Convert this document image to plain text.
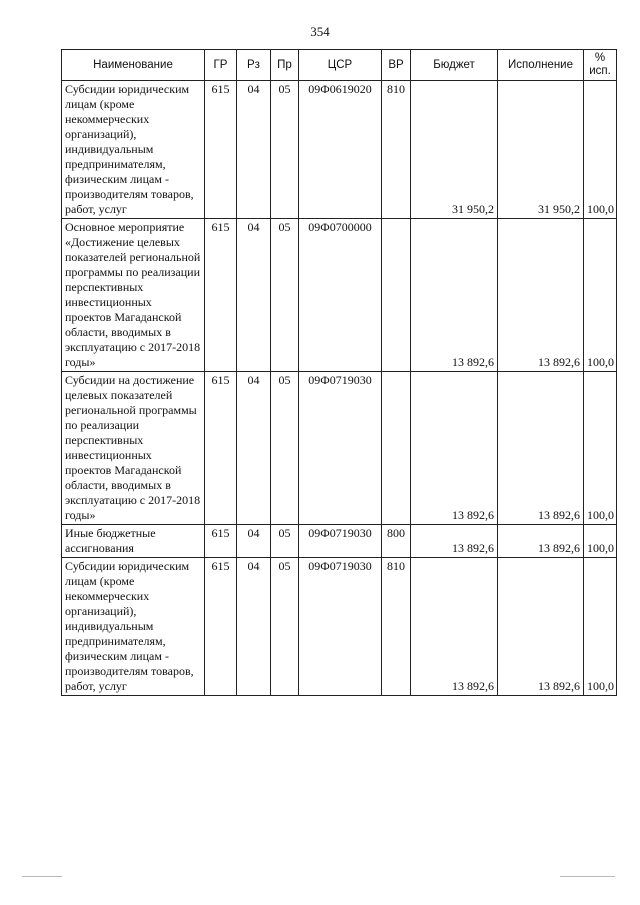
354
Наименование	ГР	Рз	Пр	ЦСР	ВР	Бюджет	Исполнение	%
исп.
Субсидии юридическим лицам (кроме некоммерческих организаций), индивидуальным предпринимателям, физическим лицам - производителям товаров, работ, услуг	615	04	05	09Ф0619020	810	31 950,2	31 950,2	100,0
Основное мероприятие «Достижение целевых показателей региональной программы по реализации перспективных инвестиционных проектов Магаданской области, вводимых в эксплуатацию с 2017-2018 годы»	615	04	05	09Ф0700000		13 892,6	13 892,6	100,0
Субсидии на достижение целевых показателей региональной программы по реализации перспективных инвестиционных проектов Магаданской области, вводимых в эксплуатацию с 2017-2018 годы»	615	04	05	09Ф0719030		13 892,6	13 892,6	100,0
Иные бюджетные ассигнования	615	04	05	09Ф0719030	800	13 892,6	13 892,6	100,0
Субсидии юридическим лицам (кроме некоммерческих организаций), индивидуальным предпринимателям, физическим лицам - производителям товаров, работ, услуг	615	04	05	09Ф0719030	810	13 892,6	13 892,6	100,0
